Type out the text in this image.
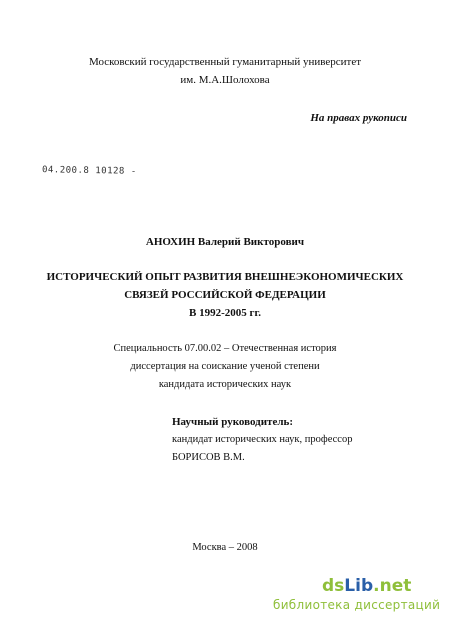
Московский государственный гуманитарный университет
им. М.А.Шолохова
На правах рукописи
04.200.8 10128 -
АНОХИН Валерий Викторович
ИСТОРИЧЕСКИЙ ОПЫТ РАЗВИТИЯ ВНЕШНЕЭКОНОМИЧЕСКИХ
СВЯЗЕЙ РОССИЙСКОЙ ФЕДЕРАЦИИ
В 1992-2005 гг.
Специальность 07.00.02 – Отечественная история
диссертация на соискание ученой степени
кандидата исторических наук
Научный руководитель:
кандидат исторических наук, профессор
БОРИСОВ В.М.
Москва – 2008
dsLib.net
библиотека диссертаций
